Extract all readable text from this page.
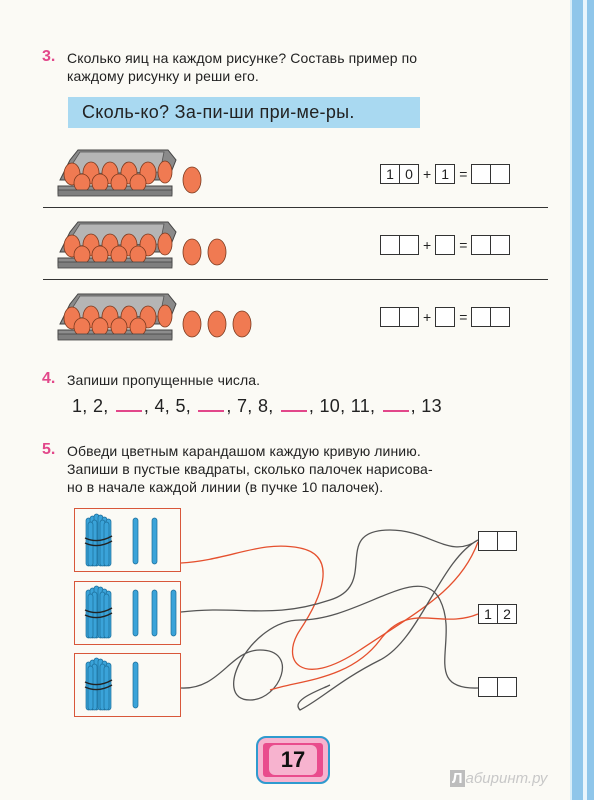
3. Сколько яиц на каждом рисунке? Составь пример по
каждому рисунку и реши его.
Сколь-ко? За-пи-ши при-ме-ры.
1 0 + 1 =
+ =
+ =
4. Запиши пропущенные числа.
1, 2, , 4, 5, , 7, 8, , 10, 11, , 13
5. Обведи цветным карандашом каждую кривую линию.
Запиши в пустые квадраты, сколько палочек нарисова-
но в начале каждой линии (в пучке 10 палочек).
1 2
17
Л абиринт.ру
